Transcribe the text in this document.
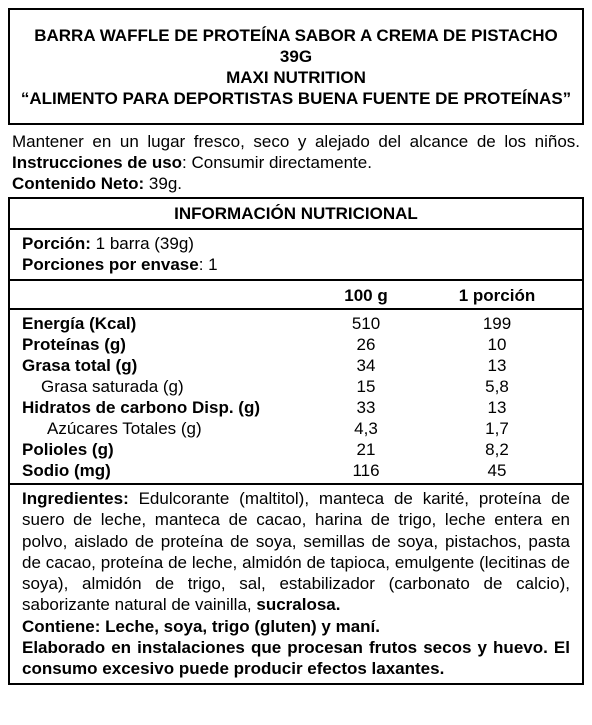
BARRA WAFFLE DE PROTEÍNA SABOR A CREMA DE PISTACHO 39G
MAXI NUTRITION
“ALIMENTO PARA DEPORTISTAS BUENA FUENTE DE PROTEÍNAS”
Mantener en un lugar fresco, seco y alejado del alcance de los niños. Instrucciones de uso: Consumir directamente.
Contenido Neto: 39g.
INFORMACIÓN NUTRICIONAL
Porción: 1 barra (39g)
Porciones por envase: 1
100 g	1 porción
Energía (Kcal)	510	199
Proteínas (g)	26	10
Grasa total (g)	34	13
Grasa saturada (g)	15	5,8
Hidratos de carbono Disp. (g)	33	13
Azúcares Totales (g)	4,3	1,7
Polioles (g)	21	8,2
Sodio (mg)	116	45
Ingredientes: Edulcorante (maltitol), manteca de karité, proteína de suero de leche, manteca de cacao, harina de trigo, leche entera en polvo, aislado de proteína de soya, semillas de soya, pistachos, pasta de cacao, proteína de leche, almidón de tapioca, emulgente (lecitinas de soya), almidón de trigo, sal, estabilizador (carbonato de calcio), saborizante natural de vainilla, sucralosa.
Contiene: Leche, soya, trigo (gluten) y maní.
Elaborado en instalaciones que procesan frutos secos y huevo. El consumo excesivo puede producir efectos laxantes.
